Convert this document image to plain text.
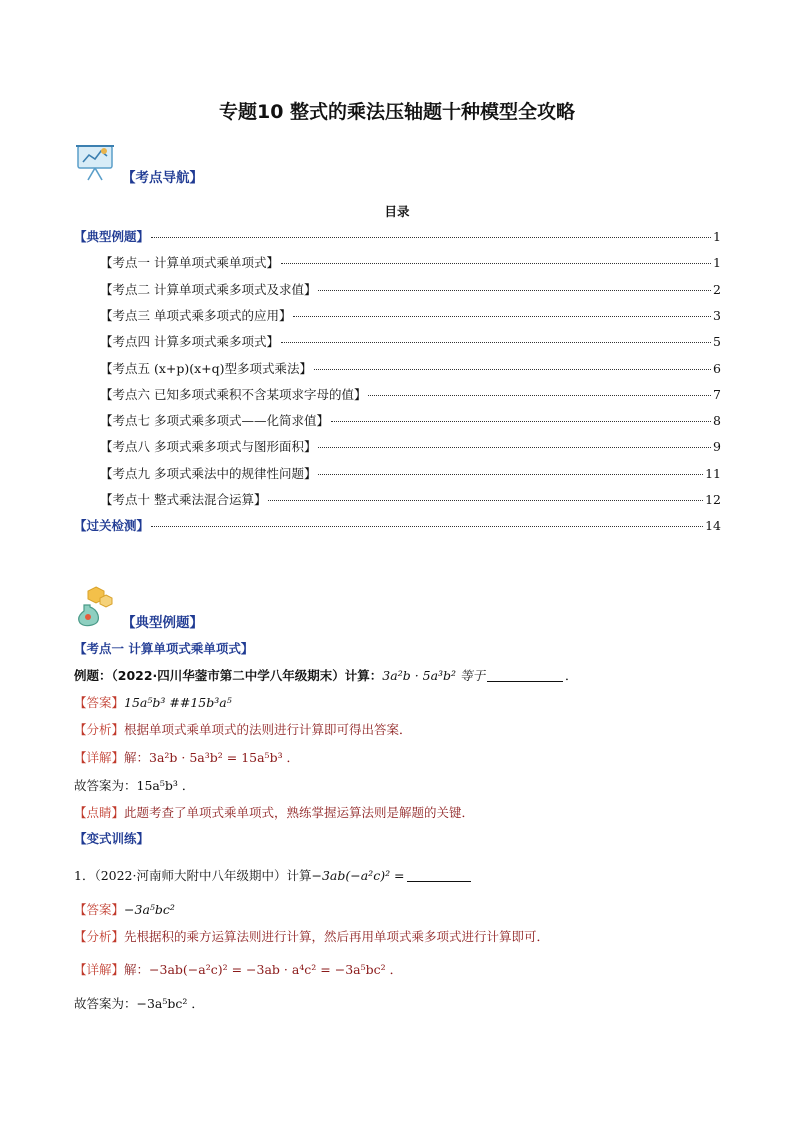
专题10 整式的乘法压轴题十种模型全攻略
【考点导航】
目录
【典型例题】	1
【考点一 计算单项式乘单项式】	1
【考点二 计算单项式乘多项式及求值】	2
【考点三 单项式乘多项式的应用】	3
【考点四 计算多项式乘多项式】	5
【考点五 (x+p)(x+q)型多项式乘法】	6
【考点六 已知多项式乘积不含某项求字母的值】	7
【考点七 多项式乘多项式——化简求值】	8
【考点八 多项式乘多项式与图形面积】	9
【考点九 多项式乘法中的规律性问题】	11
【考点十 整式乘法混合运算】	12
【过关检测】	14
【典型例题】
【考点一 计算单项式乘单项式】
例题：（2022·四川华蓥市第二中学八年级期末）计算：3a²b · 5a³b² 等于	．
【答案】15a⁵b³ ##15b³a⁵
【分析】根据单项式乘单项式的法则进行计算即可得出答案．
【详解】解：3a²b · 5a³b² = 15a⁵b³ ．
故答案为：15a⁵b³ ．
【点睛】此题考查了单项式乘单项式，熟练掌握运算法则是解题的关键．
【变式训练】
1．（2022·河南师大附中八年级期中）计算−3ab(−a²c)² =
【答案】−3a⁵bc²
【分析】先根据积的乘方运算法则进行计算，然后再用单项式乘多项式进行计算即可．
【详解】解：−3ab(−a²c)² = −3ab · a⁴c² = −3a⁵bc² ．
故答案为：−3a⁵bc² ．
